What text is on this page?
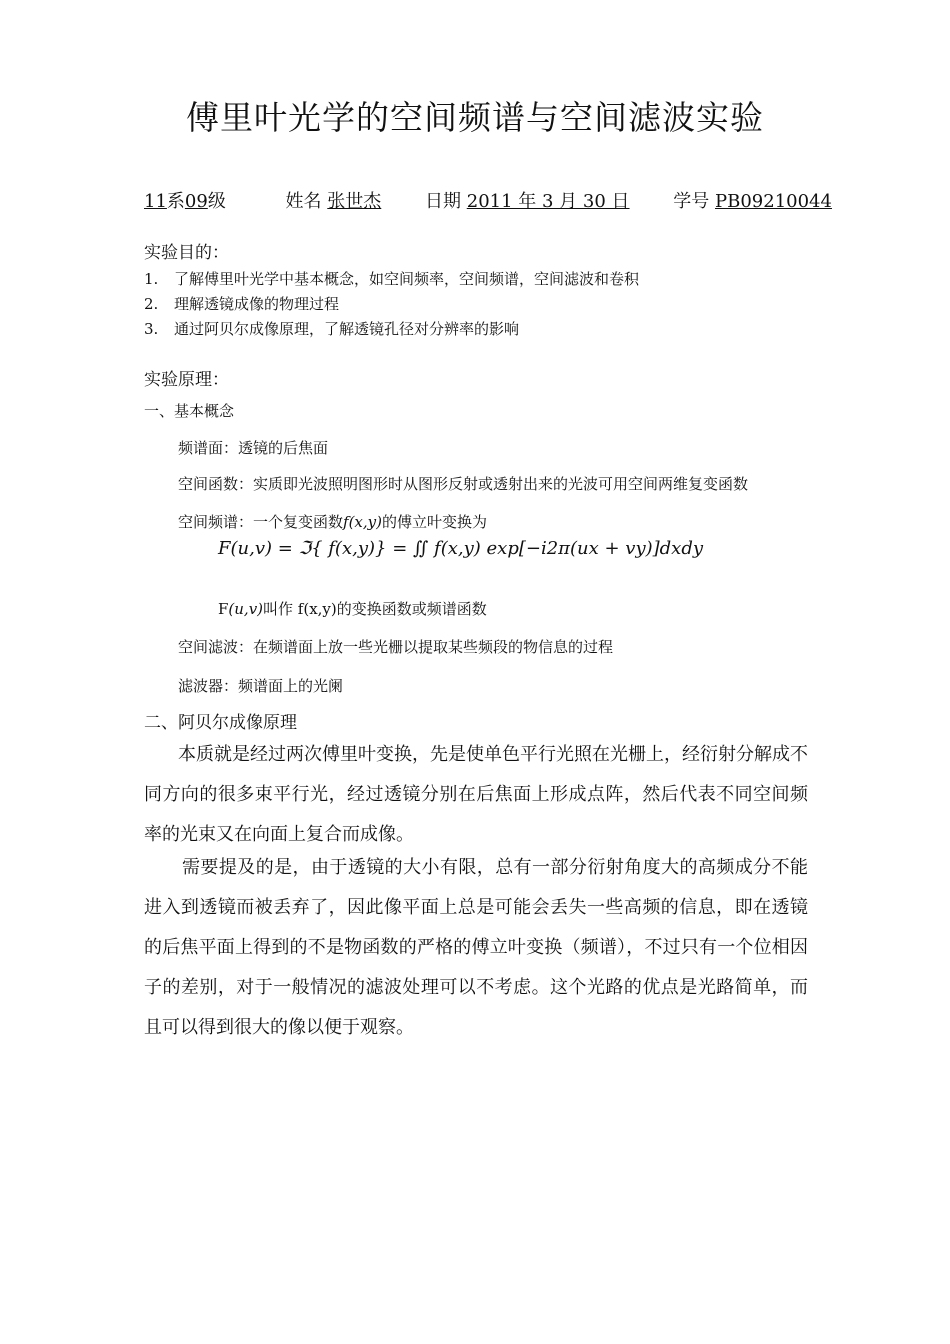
傅里叶光学的空间频谱与空间滤波实验
11系09级	姓名 张世杰 日期 2011 年 3 月 30 日 学号 PB09210044
实验目的：
1. 了解傅里叶光学中基本概念，如空间频率，空间频谱，空间滤波和卷积
2. 理解透镜成像的物理过程
3. 通过阿贝尔成像原理，了解透镜孔径对分辨率的影响
实验原理：
一、基本概念
频谱面：透镜的后焦面
空间函数：实质即光波照明图形时从图形反射或透射出来的光波可用空间两维复变函数
空间频谱：一个复变函数f(x,y)的傅立叶变换为
F(u,v) = ℑ{ f(x,y)} = ∬ f(x,y) exp[−i2π(ux + vy)]dxdy
F(u,v)叫作 f(x,y)的变换函数或频谱函数
空间滤波：在频谱面上放一些光栅以提取某些频段的物信息的过程
滤波器：频谱面上的光阑
二、阿贝尔成像原理
本质就是经过两次傅里叶变换，先是使单色平行光照在光栅上，经衍射分解成不同方向的很多束平行光，经过透镜分别在后焦面上形成点阵，然后代表不同空间频率的光束又在向面上复合而成像。
需要提及的是，由于透镜的大小有限，总有一部分衍射角度大的高频成分不能进入到透镜而被丢弃了，因此像平面上总是可能会丢失一些高频的信息，即在透镜的后焦平面上得到的不是物函数的严格的傅立叶变换（频谱），不过只有一个位相因子的差别，对于一般情况的滤波处理可以不考虑。这个光路的优点是光路简单，而且可以得到很大的像以便于观察。
